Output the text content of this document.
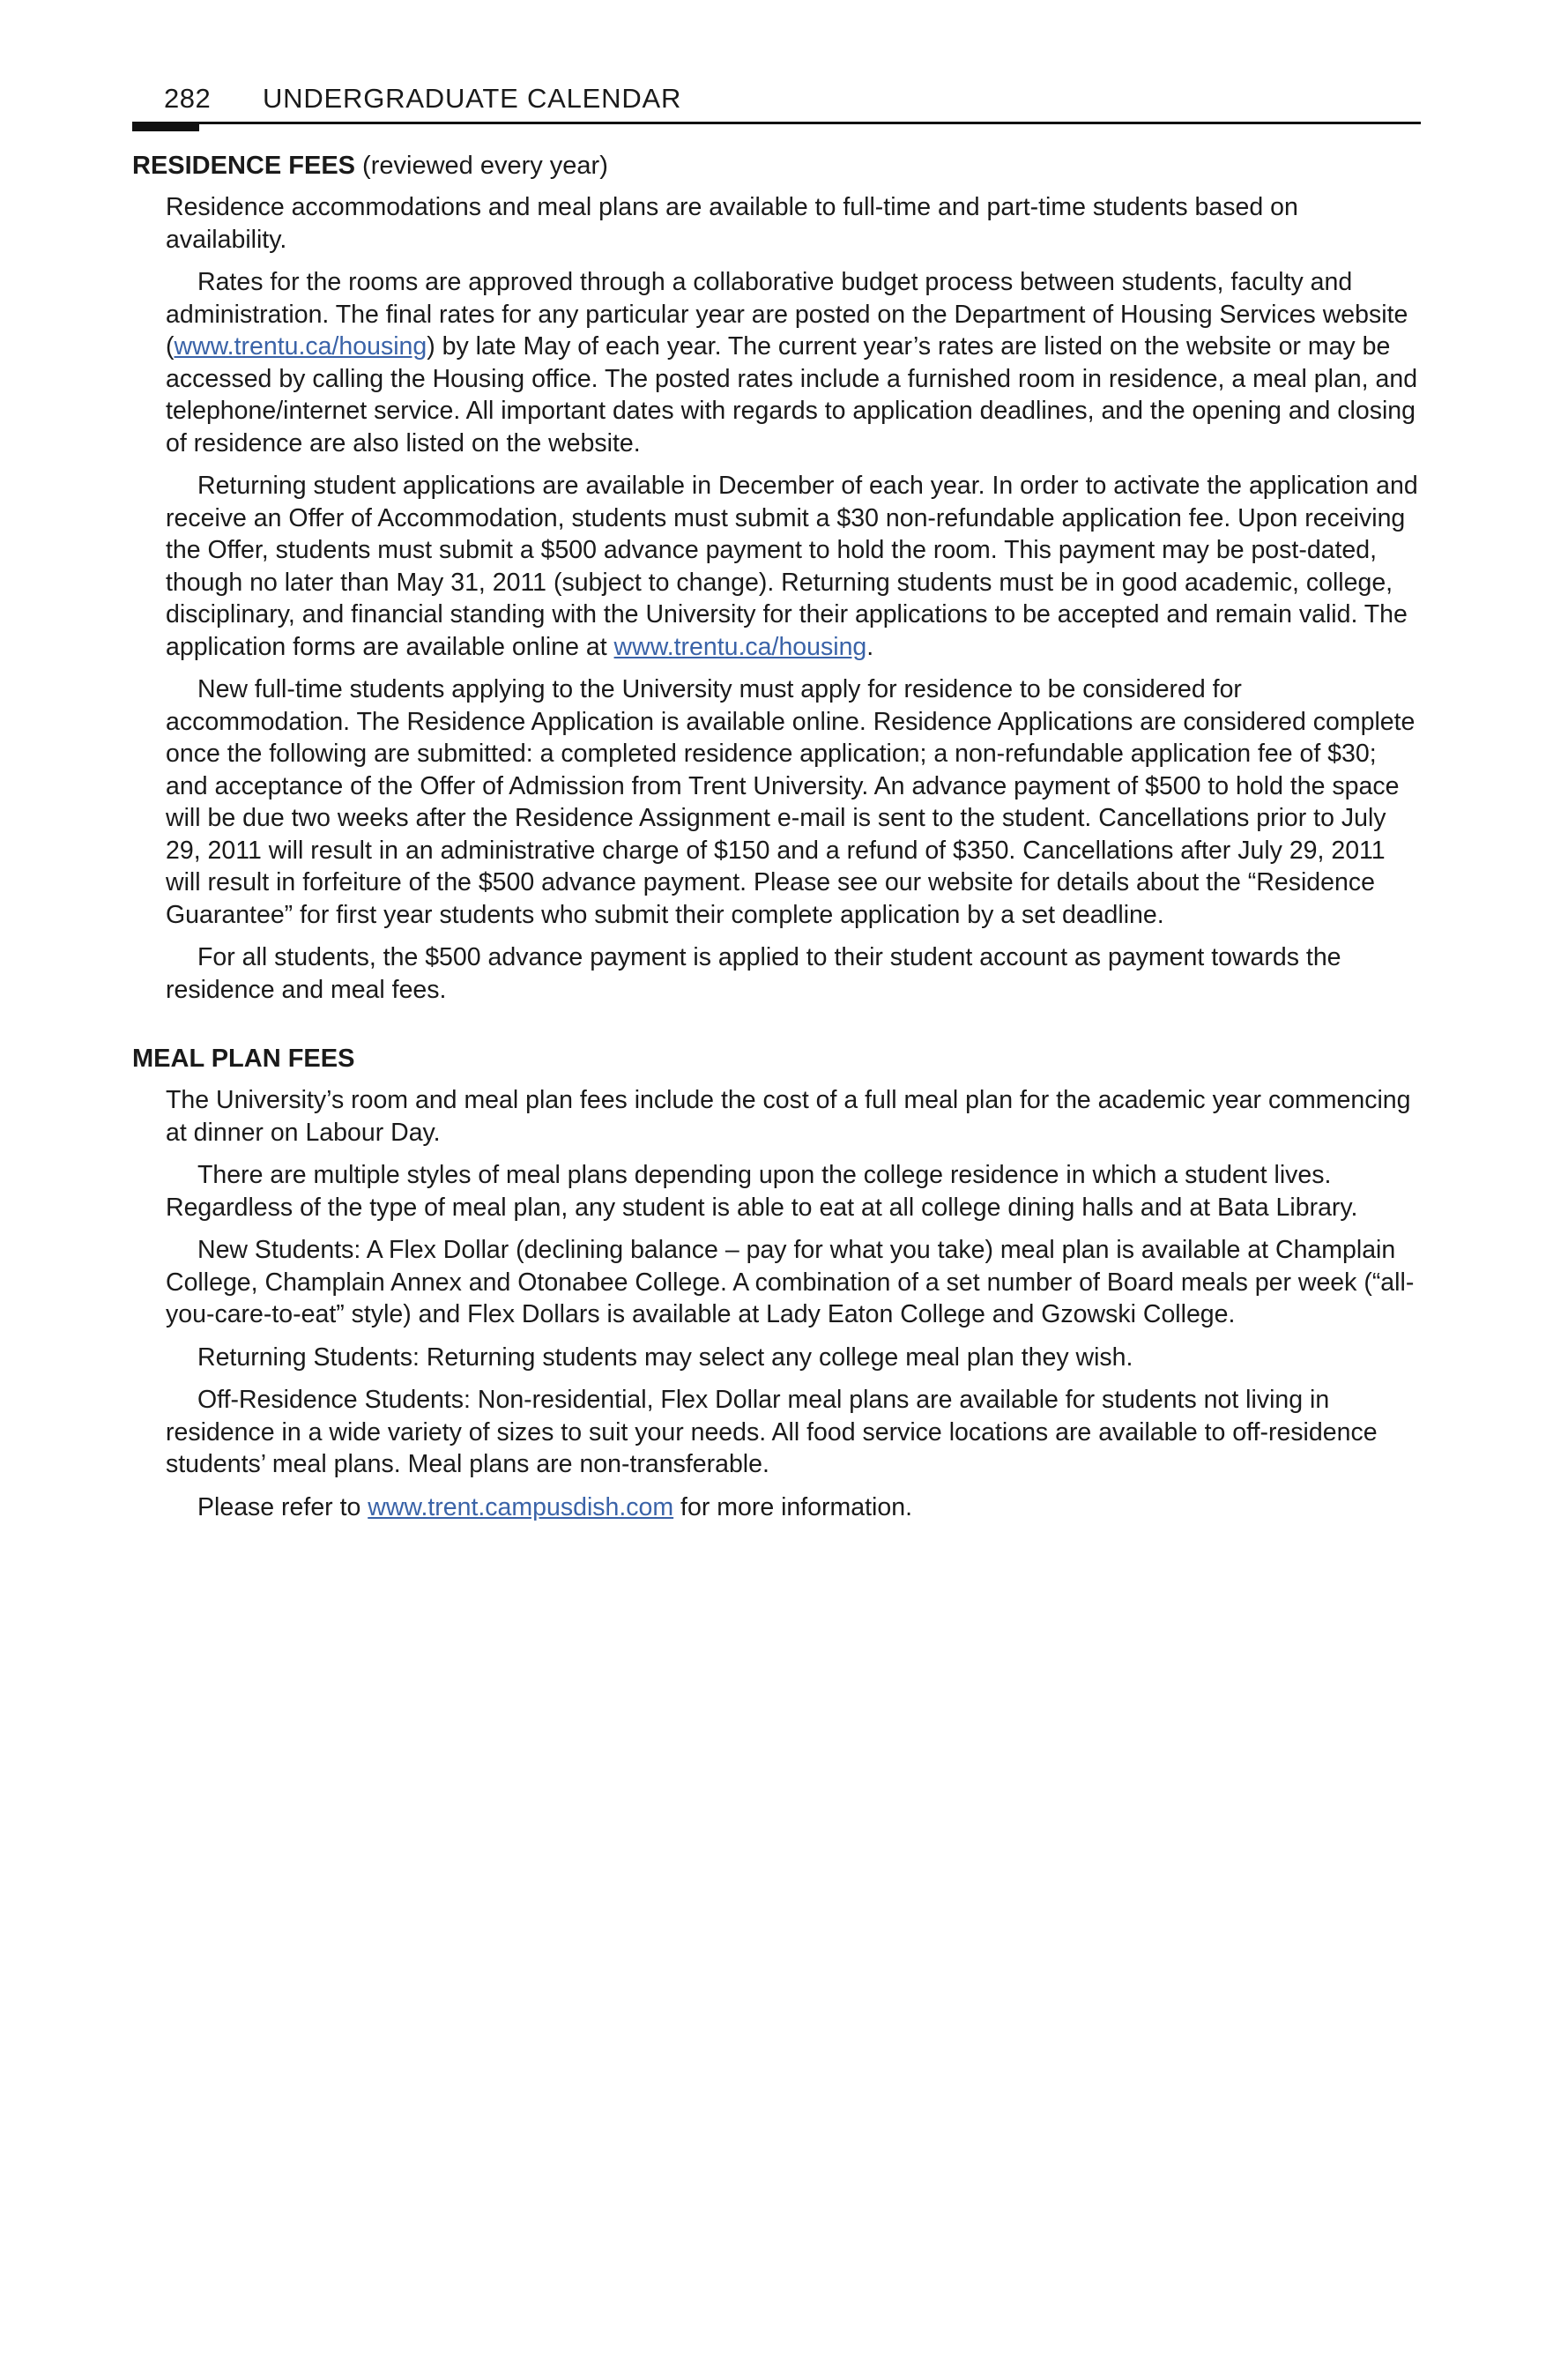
282 UNDERGRADUATE CALENDAR
RESIDENCE FEES (reviewed every year)

Residence accommodations and meal plans are available to full-time and part-time students based on availability.

Rates for the rooms are approved through a collaborative budget process between students, faculty and administration. The final rates for any particular year are posted on the Department of Housing Services website (www.trentu.ca/housing) by late May of each year. The current year’s rates are listed on the website or may be accessed by calling the Housing office. The posted rates include a furnished room in residence, a meal plan, and telephone/internet service. All important dates with regards to application deadlines, and the opening and closing of residence are also listed on the website.

Returning student applications are available in December of each year. In order to activate the application and receive an Offer of Accommodation, students must submit a $30 non-refundable application fee. Upon receiving the Offer, students must submit a $500 advance payment to hold the room. This payment may be post-dated, though no later than May 31, 2011 (subject to change). Returning students must be in good academic, college, disciplinary, and financial standing with the University for their applications to be accepted and remain valid. The application forms are available online at www.trentu.ca/housing.

New full-time students applying to the University must apply for residence to be considered for accommodation. The Residence Application is available online. Residence Applications are considered complete once the following are submitted: a completed residence application; a non-refundable application fee of $30; and acceptance of the Offer of Admission from Trent University. An advance payment of $500 to hold the space will be due two weeks after the Residence Assignment e-mail is sent to the student. Cancellations prior to July 29, 2011 will result in an administrative charge of $150 and a refund of $350. Cancellations after July 29, 2011 will result in forfeiture of the $500 advance payment. Please see our website for details about the “Residence Guarantee” for first year students who submit their complete application by a set deadline.

For all students, the $500 advance payment is applied to their student account as payment towards the residence and meal fees.

MEAL PLAN FEES

The University’s room and meal plan fees include the cost of a full meal plan for the academic year commencing at dinner on Labour Day.

There are multiple styles of meal plans depending upon the college residence in which a student lives. Regardless of the type of meal plan, any student is able to eat at all college dining halls and at Bata Library.

New Students: A Flex Dollar (declining balance – pay for what you take) meal plan is available at Champlain College, Champlain Annex and Otonabee College. A combination of a set number of Board meals per week (“all-you-care-to-eat” style) and Flex Dollars is available at Lady Eaton College and Gzowski College.

Returning Students: Returning students may select any college meal plan they wish.

Off-Residence Students: Non-residential, Flex Dollar meal plans are available for students not living in residence in a wide variety of sizes to suit your needs. All food service locations are available to off-residence students’ meal plans. Meal plans are non-transferable.

Please refer to www.trent.campusdish.com for more information.
